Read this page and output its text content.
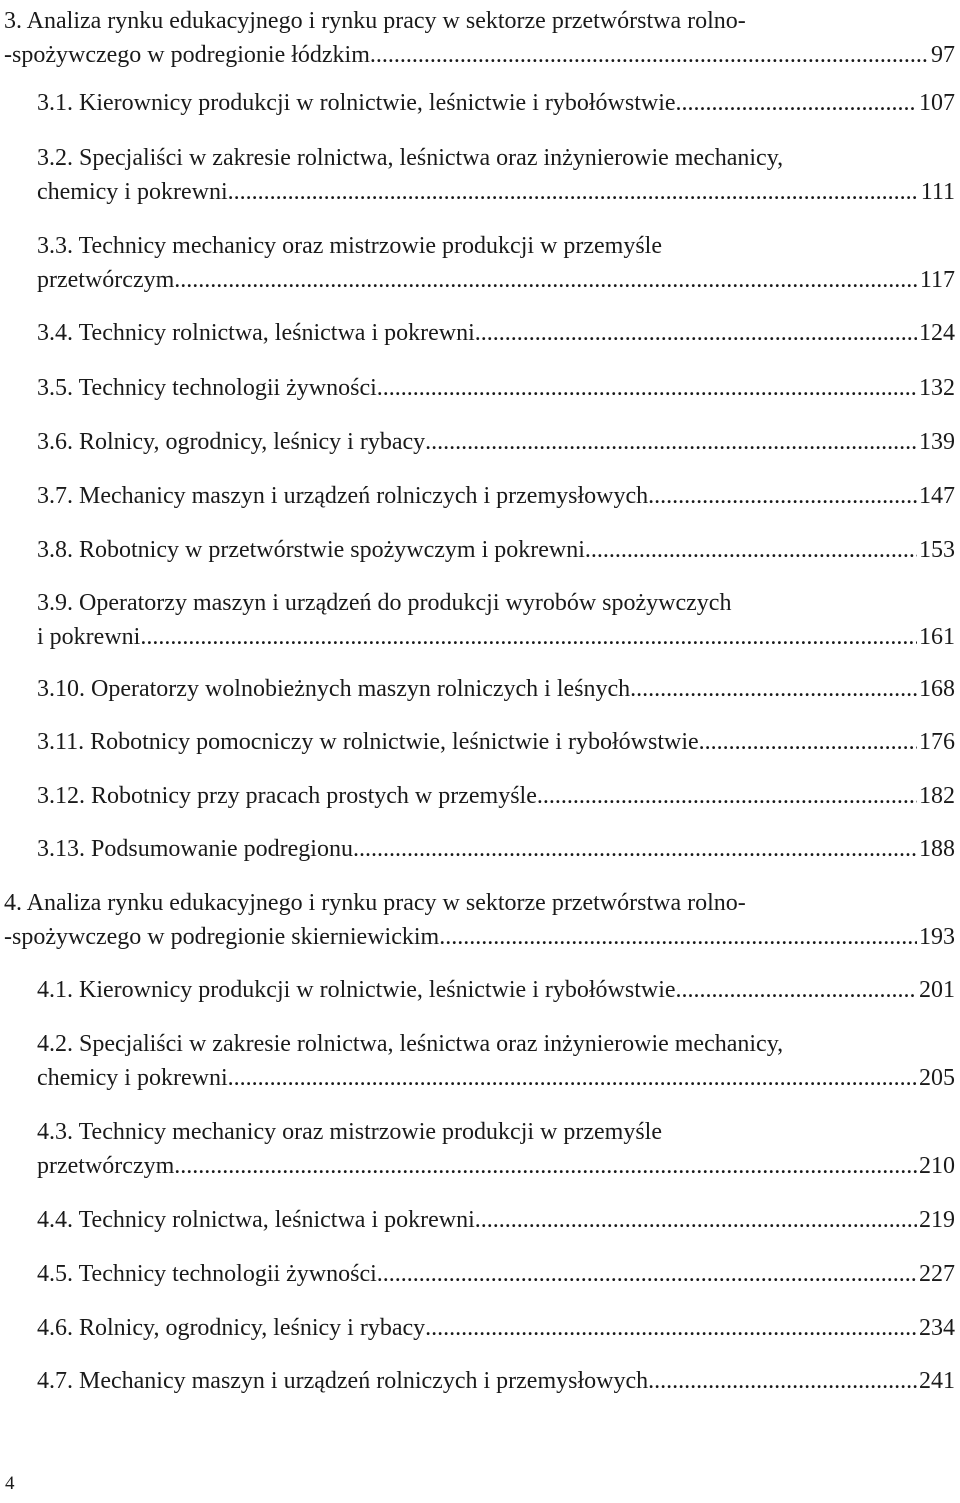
3. Analiza rynku edukacyjnego i rynku pracy w sektorze przetwórstwa rolno-
-spożywczego w podregionie łódzkim .....	97
3.1. Kierownicy produkcji w rolnictwie, leśnictwie i rybołówstwie .....	107
3.2. Specjaliści w zakresie rolnictwa, leśnictwa oraz inżynierowie mechanicy,
chemicy i pokrewni .....	111
3.3. Technicy mechanicy oraz mistrzowie produkcji w przemyśle
przetwórczym .....	117
3.4. Technicy rolnictwa, leśnictwa i pokrewni .....	124
3.5. Technicy technologii żywności .....	132
3.6. Rolnicy, ogrodnicy, leśnicy i rybacy .....	139
3.7. Mechanicy maszyn i urządzeń rolniczych i przemysłowych .....	147
3.8. Robotnicy w przetwórstwie spożywczym i pokrewni .....	153
3.9. Operatorzy maszyn i urządzeń do produkcji wyrobów spożywczych
i pokrewni .....	161
3.10. Operatorzy wolnobieżnych maszyn rolniczych i leśnych .....	168
3.11. Robotnicy pomocniczy w rolnictwie, leśnictwie i rybołówstwie .....	176
3.12. Robotnicy przy pracach prostych w przemyśle .....	182
3.13. Podsumowanie podregionu .....	188
4. Analiza rynku edukacyjnego i rynku pracy w sektorze przetwórstwa rolno-
-spożywczego w podregionie skierniewickim .....	193
4.1. Kierownicy produkcji w rolnictwie, leśnictwie i rybołówstwie .....	201
4.2. Specjaliści w zakresie rolnictwa, leśnictwa oraz inżynierowie mechanicy,
chemicy i pokrewni .....	205
4.3. Technicy mechanicy oraz mistrzowie produkcji w przemyśle
przetwórczym .....	210
4.4. Technicy rolnictwa, leśnictwa i pokrewni .....	219
4.5. Technicy technologii żywności .....	227
4.6. Rolnicy, ogrodnicy, leśnicy i rybacy .....	234
4.7. Mechanicy maszyn i urządzeń rolniczych i przemysłowych .....	241
4
